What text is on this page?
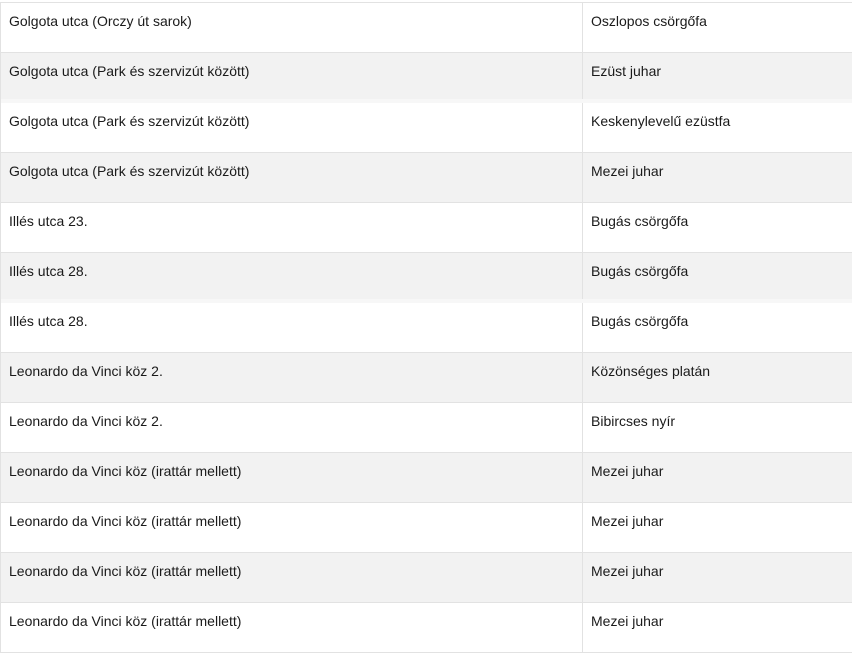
Golgota utca (Orczy út sarok)	Oszlopos csörgőfa
Golgota utca (Park és szervizút között)	Ezüst juhar
Golgota utca (Park és szervizút között)	Keskenylevelű ezüstfa
Golgota utca (Park és szervizút között)	Mezei juhar
Illés utca 23.	Bugás csörgőfa
Illés utca 28.	Bugás csörgőfa
Illés utca 28.	Bugás csörgőfa
Leonardo da Vinci köz 2.	Közönséges platán
Leonardo da Vinci köz 2.	Bibircses nyír
Leonardo da Vinci köz (irattár mellett)	Mezei juhar
Leonardo da Vinci köz (irattár mellett)	Mezei juhar
Leonardo da Vinci köz (irattár mellett)	Mezei juhar
Leonardo da Vinci köz (irattár mellett)	Mezei juhar
